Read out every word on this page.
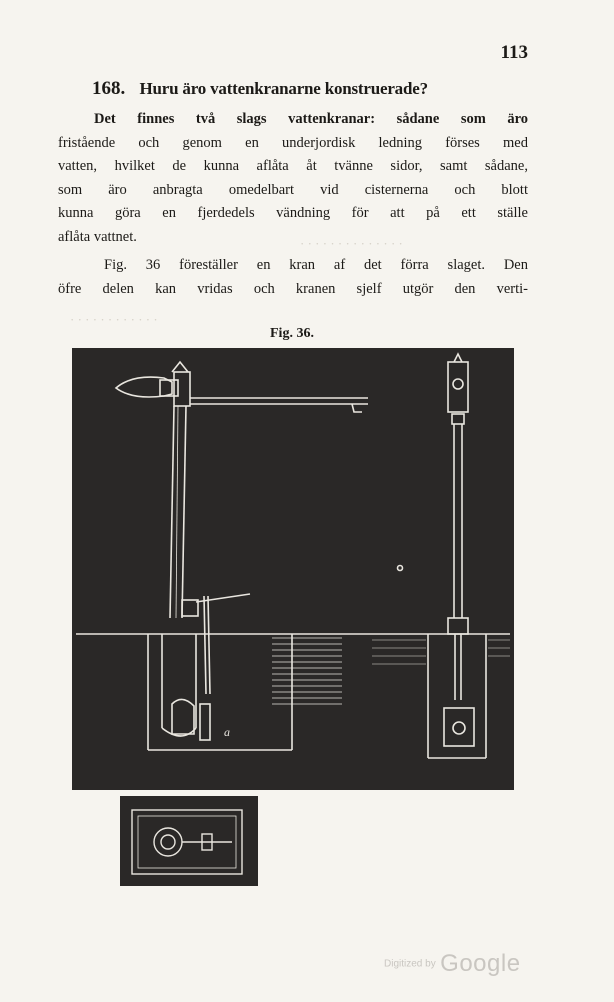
· · · · · · · · · · · · · ·
· · · · · · · · · · · ·
113
168. Huru äro vattenkranarne konstruerade?
Det finnes två slags vattenkranar: sådane som äro
fristående och genom en underjordisk ledning förses med
vatten, hvilket de kunna aflåta åt tvänne sidor, samt sådane,
som äro anbragta omedelbart vid cisternerna och blott
kunna göra en fjerdedels vändning för att på ett ställe
aflåta vattnet.
Fig. 36 föreställer en kran af det förra slaget. Den
öfre delen kan vridas och kranen sjelf utgör den verti-
Fig. 36.
a
Digitized by Google
